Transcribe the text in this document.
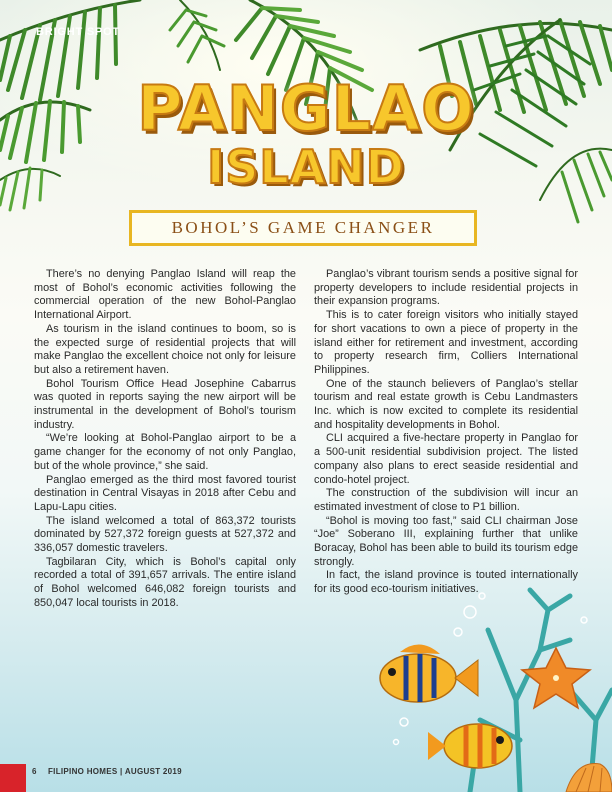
BRIGHT SPOT
PANGLAO
ISLAND
BOHOL’S GAME CHANGER

There’s no denying Panglao Island will reap the most of Bohol’s economic activities following the commercial operation of the new Bohol-Panglao International Airport.

As tourism in the island continues to boom, so is the expected surge of residential projects that will make Panglao the excellent choice not only for leisure but also a retirement haven.

Bohol Tourism Office Head Josephine Cabarrus was quoted in reports saying the new airport will be instrumental in the development of Bohol’s tourism industry.

“We’re looking at Bohol-Panglao airport to be a game changer for the economy of not only Panglao, but of the whole province,” she said.

Panglao emerged as the third most favored tourist destination in Central Visayas in 2018 after Cebu and Lapu-Lapu cities.

The island welcomed a total of 863,372 tourists dominated by 527,372 foreign guests at 527,372 and 336,057 domestic travelers.

Tagbilaran City, which is Bohol’s capital only recorded a total of 391,657 arrivals. The entire island of Bohol welcomed 646,082 foreign tourists and 850,047 local tourists in 2018.

Panglao’s vibrant tourism sends a positive signal for property developers to include residential projects in their expansion programs.

This is to cater foreign visitors who initially stayed for short vacations to own a piece of property in the island either for retirement and investment, according to property research firm, Colliers International Philippines.

One of the staunch believers of Panglao’s stellar tourism and real estate growth is Cebu Landmasters Inc. which is now excited to complete its residential and hospitality developments in Bohol.

CLI acquired a five-hectare property in Panglao for a 500-unit residential subdivision project. The listed company also plans to erect seaside residential and condo-hotel project.

The construction of the subdivision will incur an estimated investment of close to P1 billion.

“Bohol is moving too fast,” said CLI chairman Jose “Joe” Soberano III, explaining further that unlike Boracay, Bohol has been able to build its tourism edge strongly.

In fact, the island province is touted internationally for its good eco-tourism initiatives.

6 FILIPINO HOMES | AUGUST 2019
